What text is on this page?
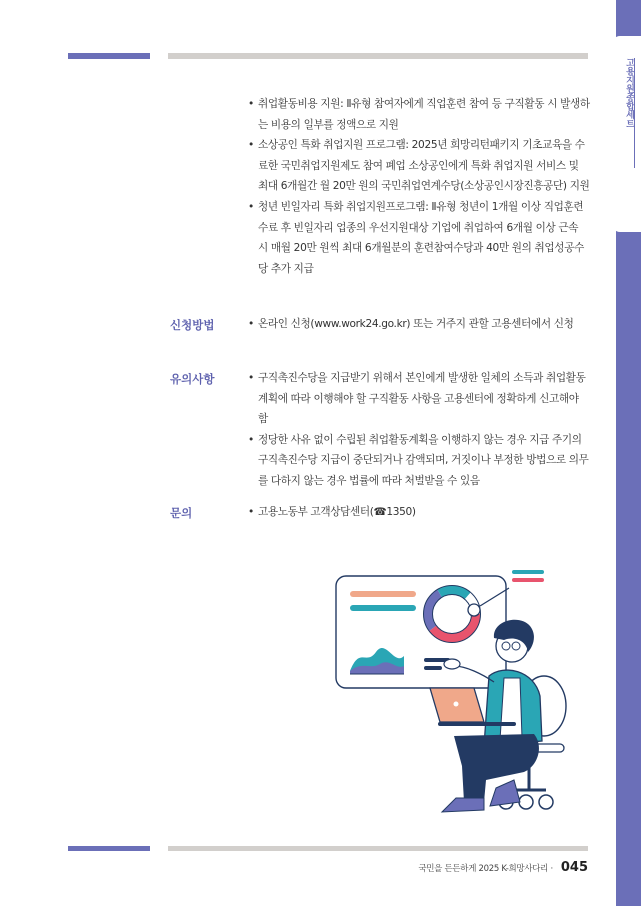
고용지원종합세트
• 취업활동비용 지원: Ⅱ유형 참여자에게 직업훈련 참여 등 구직활동 시 발생하는 비용의 일부를 정액으로 지원
• 소상공인 특화 취업지원 프로그램: 2025년 희망리턴패키지 기초교육을 수료한 국민취업지원제도 참여 폐업 소상공인에게 특화 취업지원 서비스 및 최대 6개월간 월 20만 원의 국민취업연계수당(소상공인시장진흥공단) 지원
• 청년 빈일자리 특화 취업지원프로그램: Ⅱ유형 청년이 1개월 이상 직업훈련 수료 후 빈일자리 업종의 우선지원대상 기업에 취업하여 6개월 이상 근속 시 매월 20만 원씩 최대 6개월분의 훈련참여수당과 40만 원의 취업성공수당 추가 지급
신청방법	• 온라인 신청(www.work24.go.kr) 또는 거주지 관할 고용센터에서 신청
유의사항	• 구직촉진수당을 지급받기 위해서 본인에게 발생한 일체의 소득과 취업활동 계획에 따라 이행해야 할 구직활동 사항을 고용센터에 정확하게 신고해야 함
• 정당한 사유 없이 수립된 취업활동계획을 이행하지 않는 경우 지급 주기의 구직촉진수당 지급이 중단되거나 감액되며, 거짓이나 부정한 방법으로 의무를 다하지 않는 경우 법률에 따라 처벌받을 수 있음
문의	• 고용노동부 고객상담센터(☎1350)
국민을 든든하게 2025 K-희망사다리 · 045
